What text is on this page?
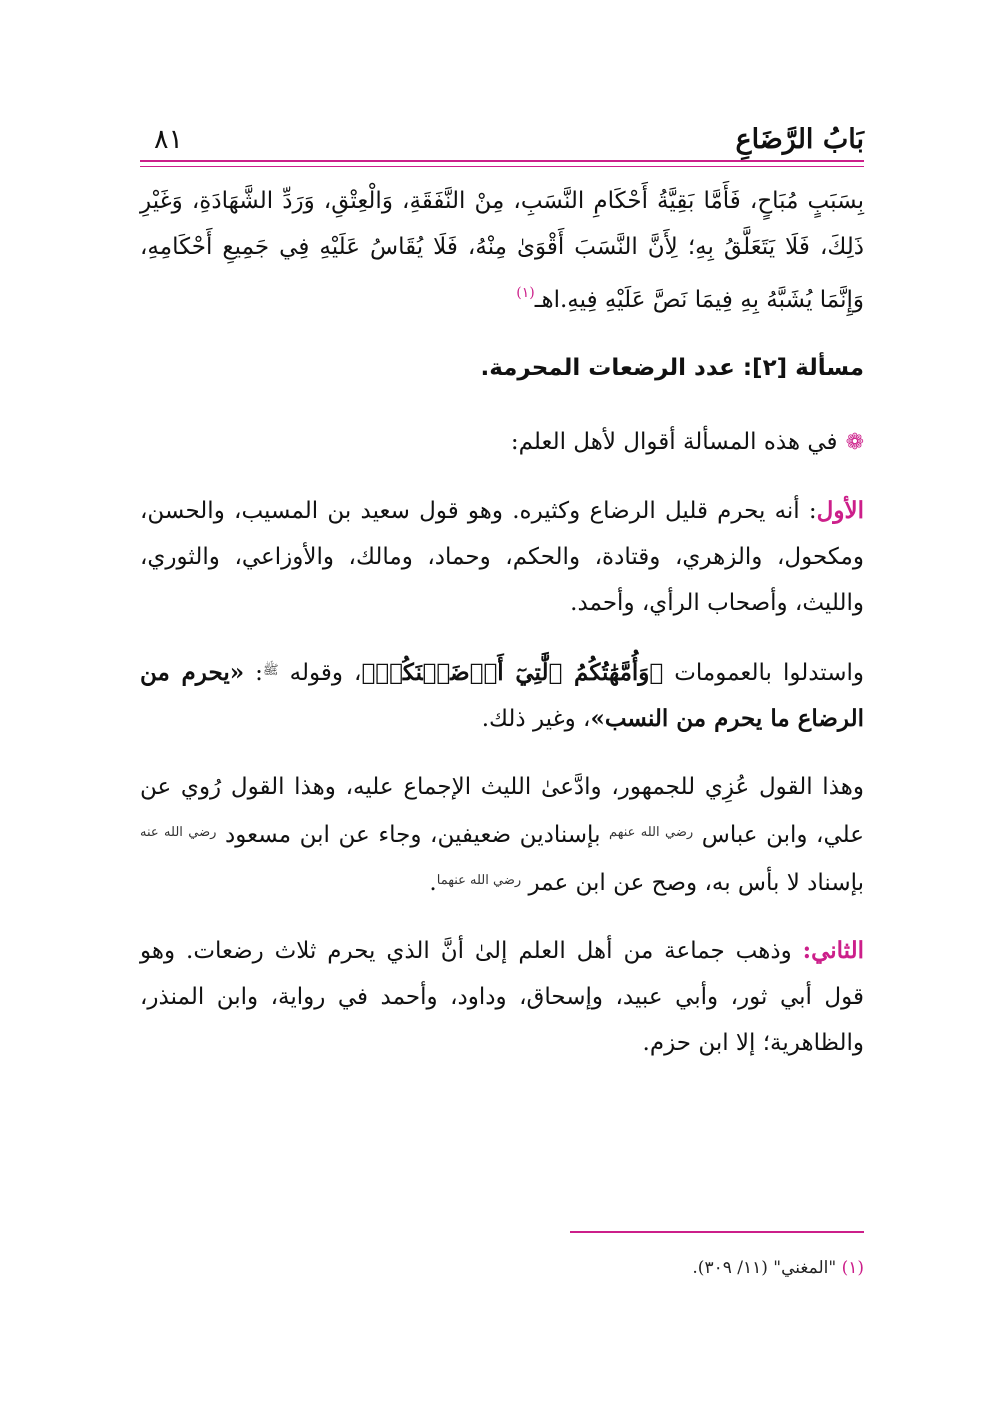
بَابُ الرَّضَاعِ
٨١

بِسَبَبٍ مُبَاحٍ، فَأَمَّا بَقِيَّةُ أَحْكَامِ النَّسَبِ، مِنْ النَّفَقَةِ، وَالْعِتْقِ، وَرَدِّ الشَّهَادَةِ، وَغَيْرِ ذَلِكَ، فَلَا يَتَعَلَّقُ بِهِ؛ لِأَنَّ النَّسَبَ أَقْوَىٰ مِنْهُ، فَلَا يُقَاسُ عَلَيْهِ فِي جَمِيعِ أَحْكَامِهِ، وَإِنَّمَا يُشَبَّهُ بِهِ فِيمَا نَصَّ عَلَيْهِ فِيهِ.اهـ$^{(١)}$

مسألة [٢]: عدد الرضعات المحرمة.

❁في هذه المسألة أقوال لأهل العلم:

الأول: أنه يحرم قليل الرضاع وكثيره. وهو قول سعيد بن المسيب، والحسن، ومكحول، والزهري، وقتادة، والحكم، وحماد، ومالك، والأوزاعي، والثوري، والليث، وأصحاب الرأي، وأحمد.

واستدلوا بالعمومات ﴿وَأُمَّهَٰتُكُمُ ٱلَّٰتِيٓ أَرۡضَعۡنَكُمۡ﴾، وقوله $^ﷺ$: «يحرم من الرضاع ما يحرم من النسب»، وغير ذلك.

وهذا القول عُزِي للجمهور، وادَّعىٰ الليث الإجماع عليه، وهذا القول رُوي عن علي، وابن عباس $^{رضي الله عنهم}$ بإسنادين ضعيفين، وجاء عن ابن مسعود $^{رضي الله عنه}$ بإسناد لا بأس به، وصح عن ابن عمر $^{رضي الله عنهما}$.

الثاني: وذهب جماعة من أهل العلم إلىٰ أنَّ الذي يحرم ثلاث رضعات. وهو قول أبي ثور، وأبي عبيد، وإسحاق، وداود، وأحمد في رواية، وابن المنذر، والظاهرية؛ إلا ابن حزم.

(١) "المغني" (١١/ ٣٠٩).
